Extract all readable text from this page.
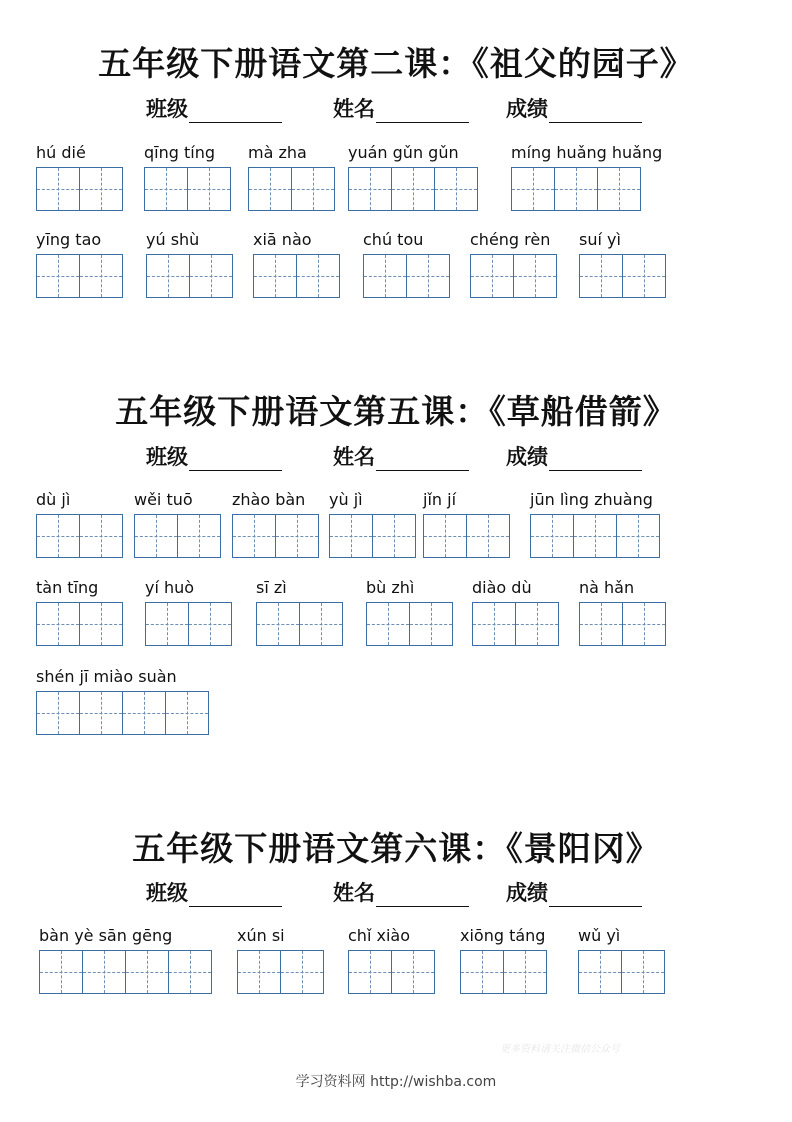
五年级下册语文第二课：《祖父的园子》
班级	姓名	成绩
hú dié	qīng tíng	mà zha	yuán gǔn gǔn	míng huǎng huǎng
yīng tao	yú shù	xiā nào	chú tou	chéng rèn	suí yì
五年级下册语文第五课：《草船借箭》
班级	姓名	成绩
dù jì	wěi tuō	zhào bàn	yù jì	jǐn jí	jūn lìng zhuàng
tàn tīng	yí huò	sī zì	bù zhì	diào dù	nà hǎn
shén jī miào suàn
五年级下册语文第六课：《景阳冈》
班级	姓名	成绩
bàn yè sān gēng	xún si	chǐ xiào	xiōng táng wǔ yì
更多资料请关注微信公众号
学习资料网 http://wishba.com
